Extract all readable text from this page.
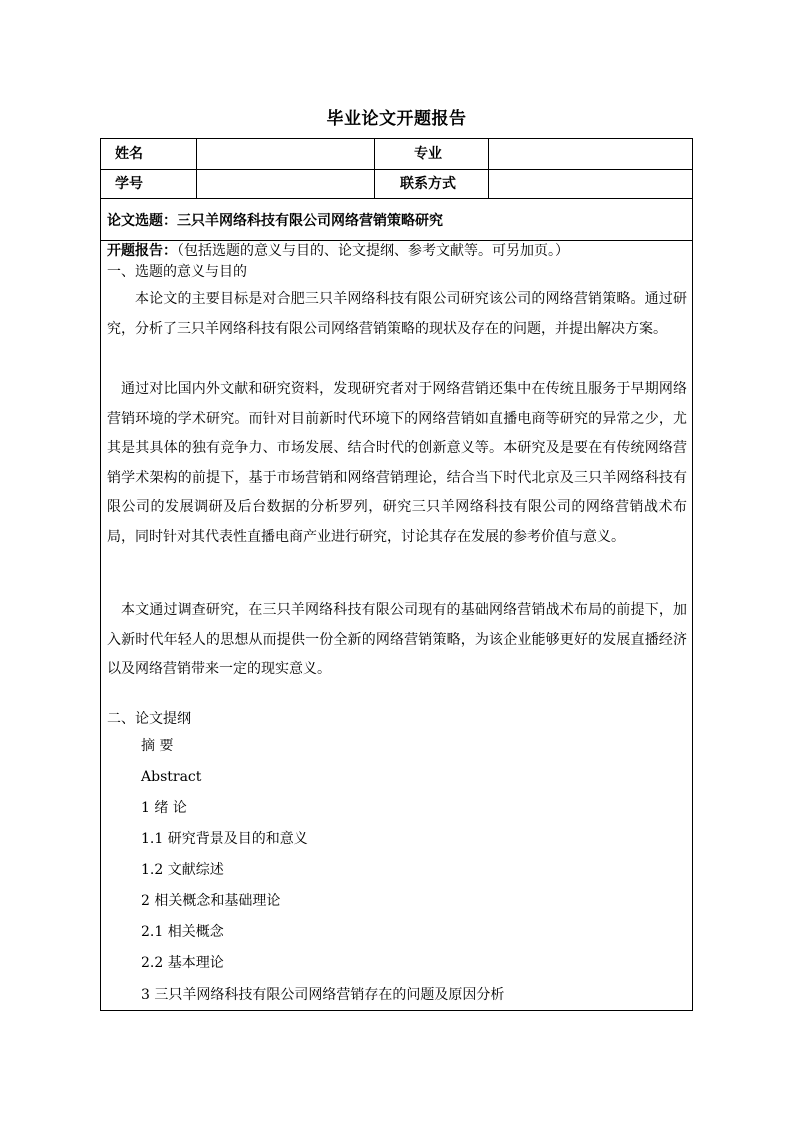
毕业论文开题报告
姓名	专业
学号	联系方式
论文选题：三只羊网络科技有限公司网络营销策略研究
开题报告：（包括选题的意义与目的、论文提纲、参考文献等。可另加页。）
一、选题的意义与目的
本论文的主要目标是对合肥三只羊网络科技有限公司研究该公司的网络营销策略。通过研究，分析了三只羊网络科技有限公司网络营销策略的现状及存在的问题，并提出解决方案。
通过对比国内外文献和研究资料，发现研究者对于网络营销还集中在传统且服务于早期网络营销环境的学术研究。而针对目前新时代环境下的网络营销如直播电商等研究的异常之少，尤其是其具体的独有竞争力、市场发展、结合时代的创新意义等。本研究及是要在有传统网络营销学术架构的前提下，基于市场营销和网络营销理论，结合当下时代北京及三只羊网络科技有限公司的发展调研及后台数据的分析罗列，研究三只羊网络科技有限公司的网络营销战术布局，同时针对其代表性直播电商产业进行研究，讨论其存在发展的参考价值与意义。
本文通过调查研究，在三只羊网络科技有限公司现有的基础网络营销战术布局的前提下，加入新时代年轻人的思想从而提供一份全新的网络营销策略，为该企业能够更好的发展直播经济以及网络营销带来一定的现实意义。
二、论文提纲
摘 要
Abstract
1 绪 论
1.1 研究背景及目的和意义
1.2 文献综述
2 相关概念和基础理论
2.1 相关概念
2.2 基本理论
3 三只羊网络科技有限公司网络营销存在的问题及原因分析
